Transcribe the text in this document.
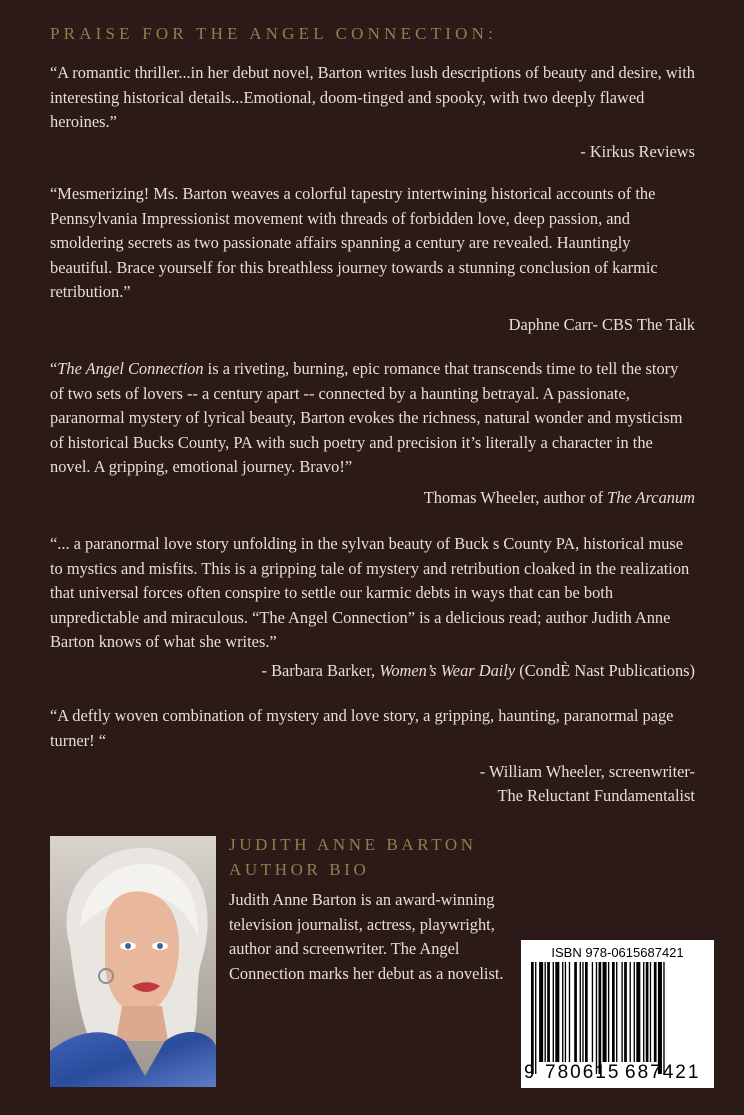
PRAISE FOR THE ANGEL CONNECTION:

“A romantic thriller...in her debut novel, Barton writes lush descriptions of beauty and desire, with interesting historical details...Emotional, doom-tinged and spooky, with two deeply flawed heroines.”

- Kirkus Reviews

“Mesmerizing! Ms. Barton weaves a colorful tapestry intertwining historical accounts of the Pennsylvania Impressionist movement with threads of forbidden love, deep passion, and smoldering secrets as two passionate affairs spanning a century are revealed. Hauntingly beautiful. Brace yourself for this breathless journey towards a stunning conclusion of karmic retribution.”

Daphne Carr- CBS The Talk

“The Angel Connection is a riveting, burning, epic romance that transcends time to tell the story of two sets of lovers -- a century apart -- connected by a haunting betrayal. A passionate, paranormal mystery of lyrical beauty, Barton evokes the richness, natural wonder and mysticism of historical Bucks County, PA with such poetry and precision it’s literally a character in the novel. A gripping, emotional journey. Bravo!”

Thomas Wheeler, author of The Arcanum

“... a paranormal love story unfolding in the sylvan beauty of Buck s County PA, historical muse to mystics and misfits. This is a gripping tale of mystery and retribution cloaked in the realization that universal forces often conspire to settle our karmic debts in ways that can be both unpredictable and miraculous. “The Angel Connection” is a delicious read; author Judith Anne Barton knows of what she writes.”

- Barbara Barker, Women’s Wear Daily (CondÈ Nast Publications)

“A deftly woven combination of mystery and love story, a gripping, haunting, paranormal page turner! “

- William Wheeler, screenwriter-
The Reluctant Fundamentalist
JUDITH ANNE BARTON
AUTHOR BIO
Judith Anne Barton is an award-winning television journalist, actress, playwright, author and screenwriter. The Angel Connection marks her debut as a novelist.
ISBN 978-0615687421
9 780615 687421
